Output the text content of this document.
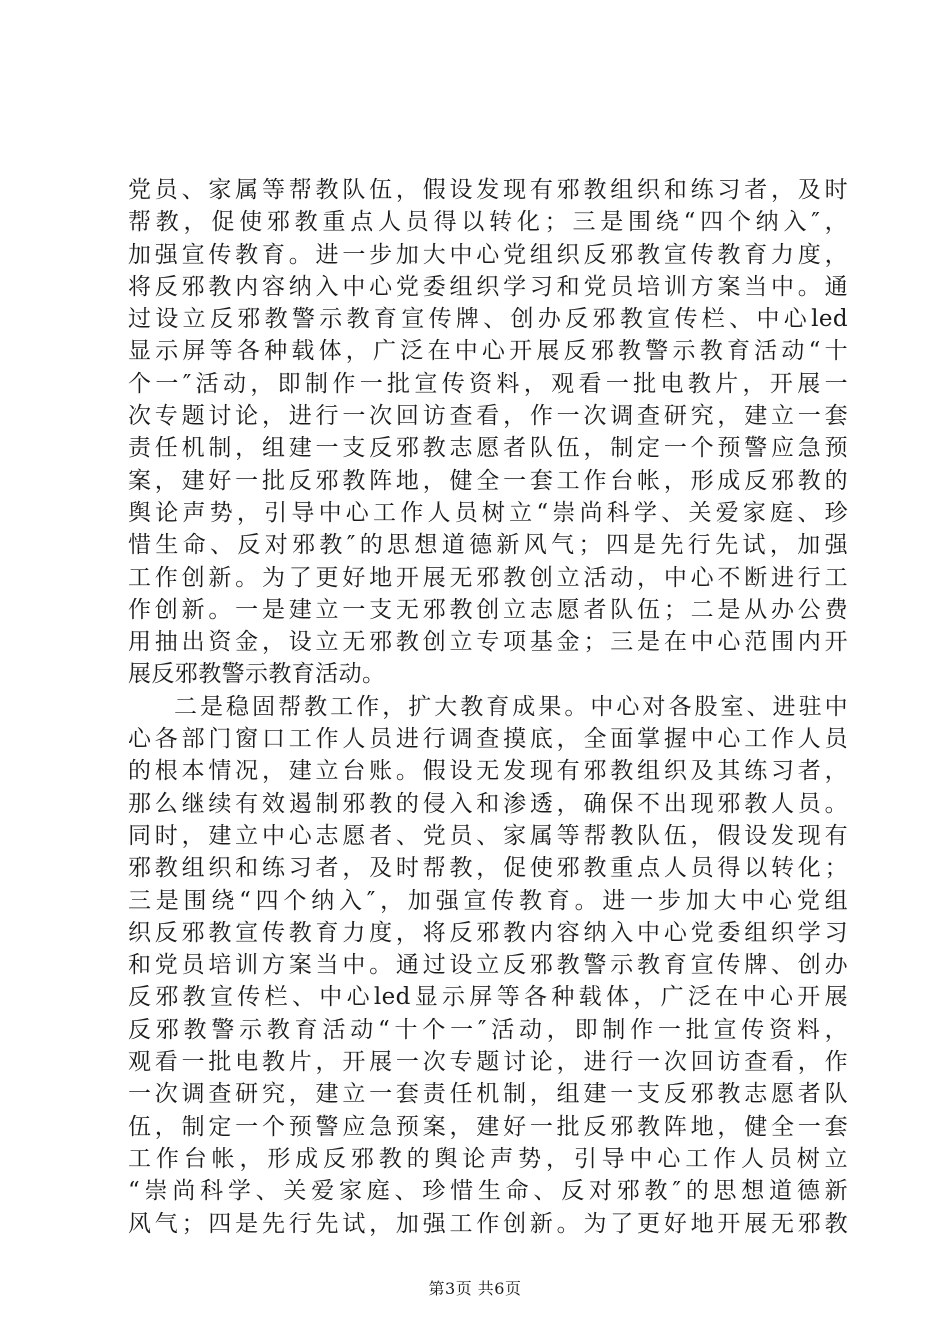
党员、家属等帮教队伍，假设发现有邪教组织和练习者，及时
帮教，促使邪教重点人员得以转化；三是围绕“四个纳入″，
加强宣传教育。进一步加大中心党组织反邪教宣传教育力度，
将反邪教内容纳入中心党委组织学习和党员培训方案当中。通
过设立反邪教警示教育宣传牌、创办反邪教宣传栏、中心led
显示屏等各种载体，广泛在中心开展反邪教警示教育活动“十
个一″活动，即制作一批宣传资料，观看一批电教片，开展一
次专题讨论，进行一次回访查看，作一次调查研究，建立一套
责任机制，组建一支反邪教志愿者队伍，制定一个预警应急预
案，建好一批反邪教阵地，健全一套工作台帐，形成反邪教的
舆论声势，引导中心工作人员树立“崇尚科学、关爱家庭、珍
惜生命、反对邪教″的思想道德新风气；四是先行先试，加强
工作创新。为了更好地开展无邪教创立活动，中心不断进行工
作创新。一是建立一支无邪教创立志愿者队伍；二是从办公费
用抽出资金，设立无邪教创立专项基金；三是在中心范围内开
展反邪教警示教育活动。
二是稳固帮教工作，扩大教育成果。中心对各股室、进驻中
心各部门窗口工作人员进行调查摸底，全面掌握中心工作人员
的根本情况，建立台账。假设无发现有邪教组织及其练习者，
那么继续有效遏制邪教的侵入和渗透，确保不出现邪教人员。
同时，建立中心志愿者、党员、家属等帮教队伍，假设发现有
邪教组织和练习者，及时帮教，促使邪教重点人员得以转化；
三是围绕“四个纳入″，加强宣传教育。进一步加大中心党组
织反邪教宣传教育力度，将反邪教内容纳入中心党委组织学习
和党员培训方案当中。通过设立反邪教警示教育宣传牌、创办
反邪教宣传栏、中心led显示屏等各种载体，广泛在中心开展
反邪教警示教育活动“十个一″活动，即制作一批宣传资料，
观看一批电教片，开展一次专题讨论，进行一次回访查看，作
一次调查研究，建立一套责任机制，组建一支反邪教志愿者队
伍，制定一个预警应急预案，建好一批反邪教阵地，健全一套
工作台帐，形成反邪教的舆论声势，引导中心工作人员树立
“崇尚科学、关爱家庭、珍惜生命、反对邪教″的思想道德新
风气；四是先行先试，加强工作创新。为了更好地开展无邪教
第3页 共6页
